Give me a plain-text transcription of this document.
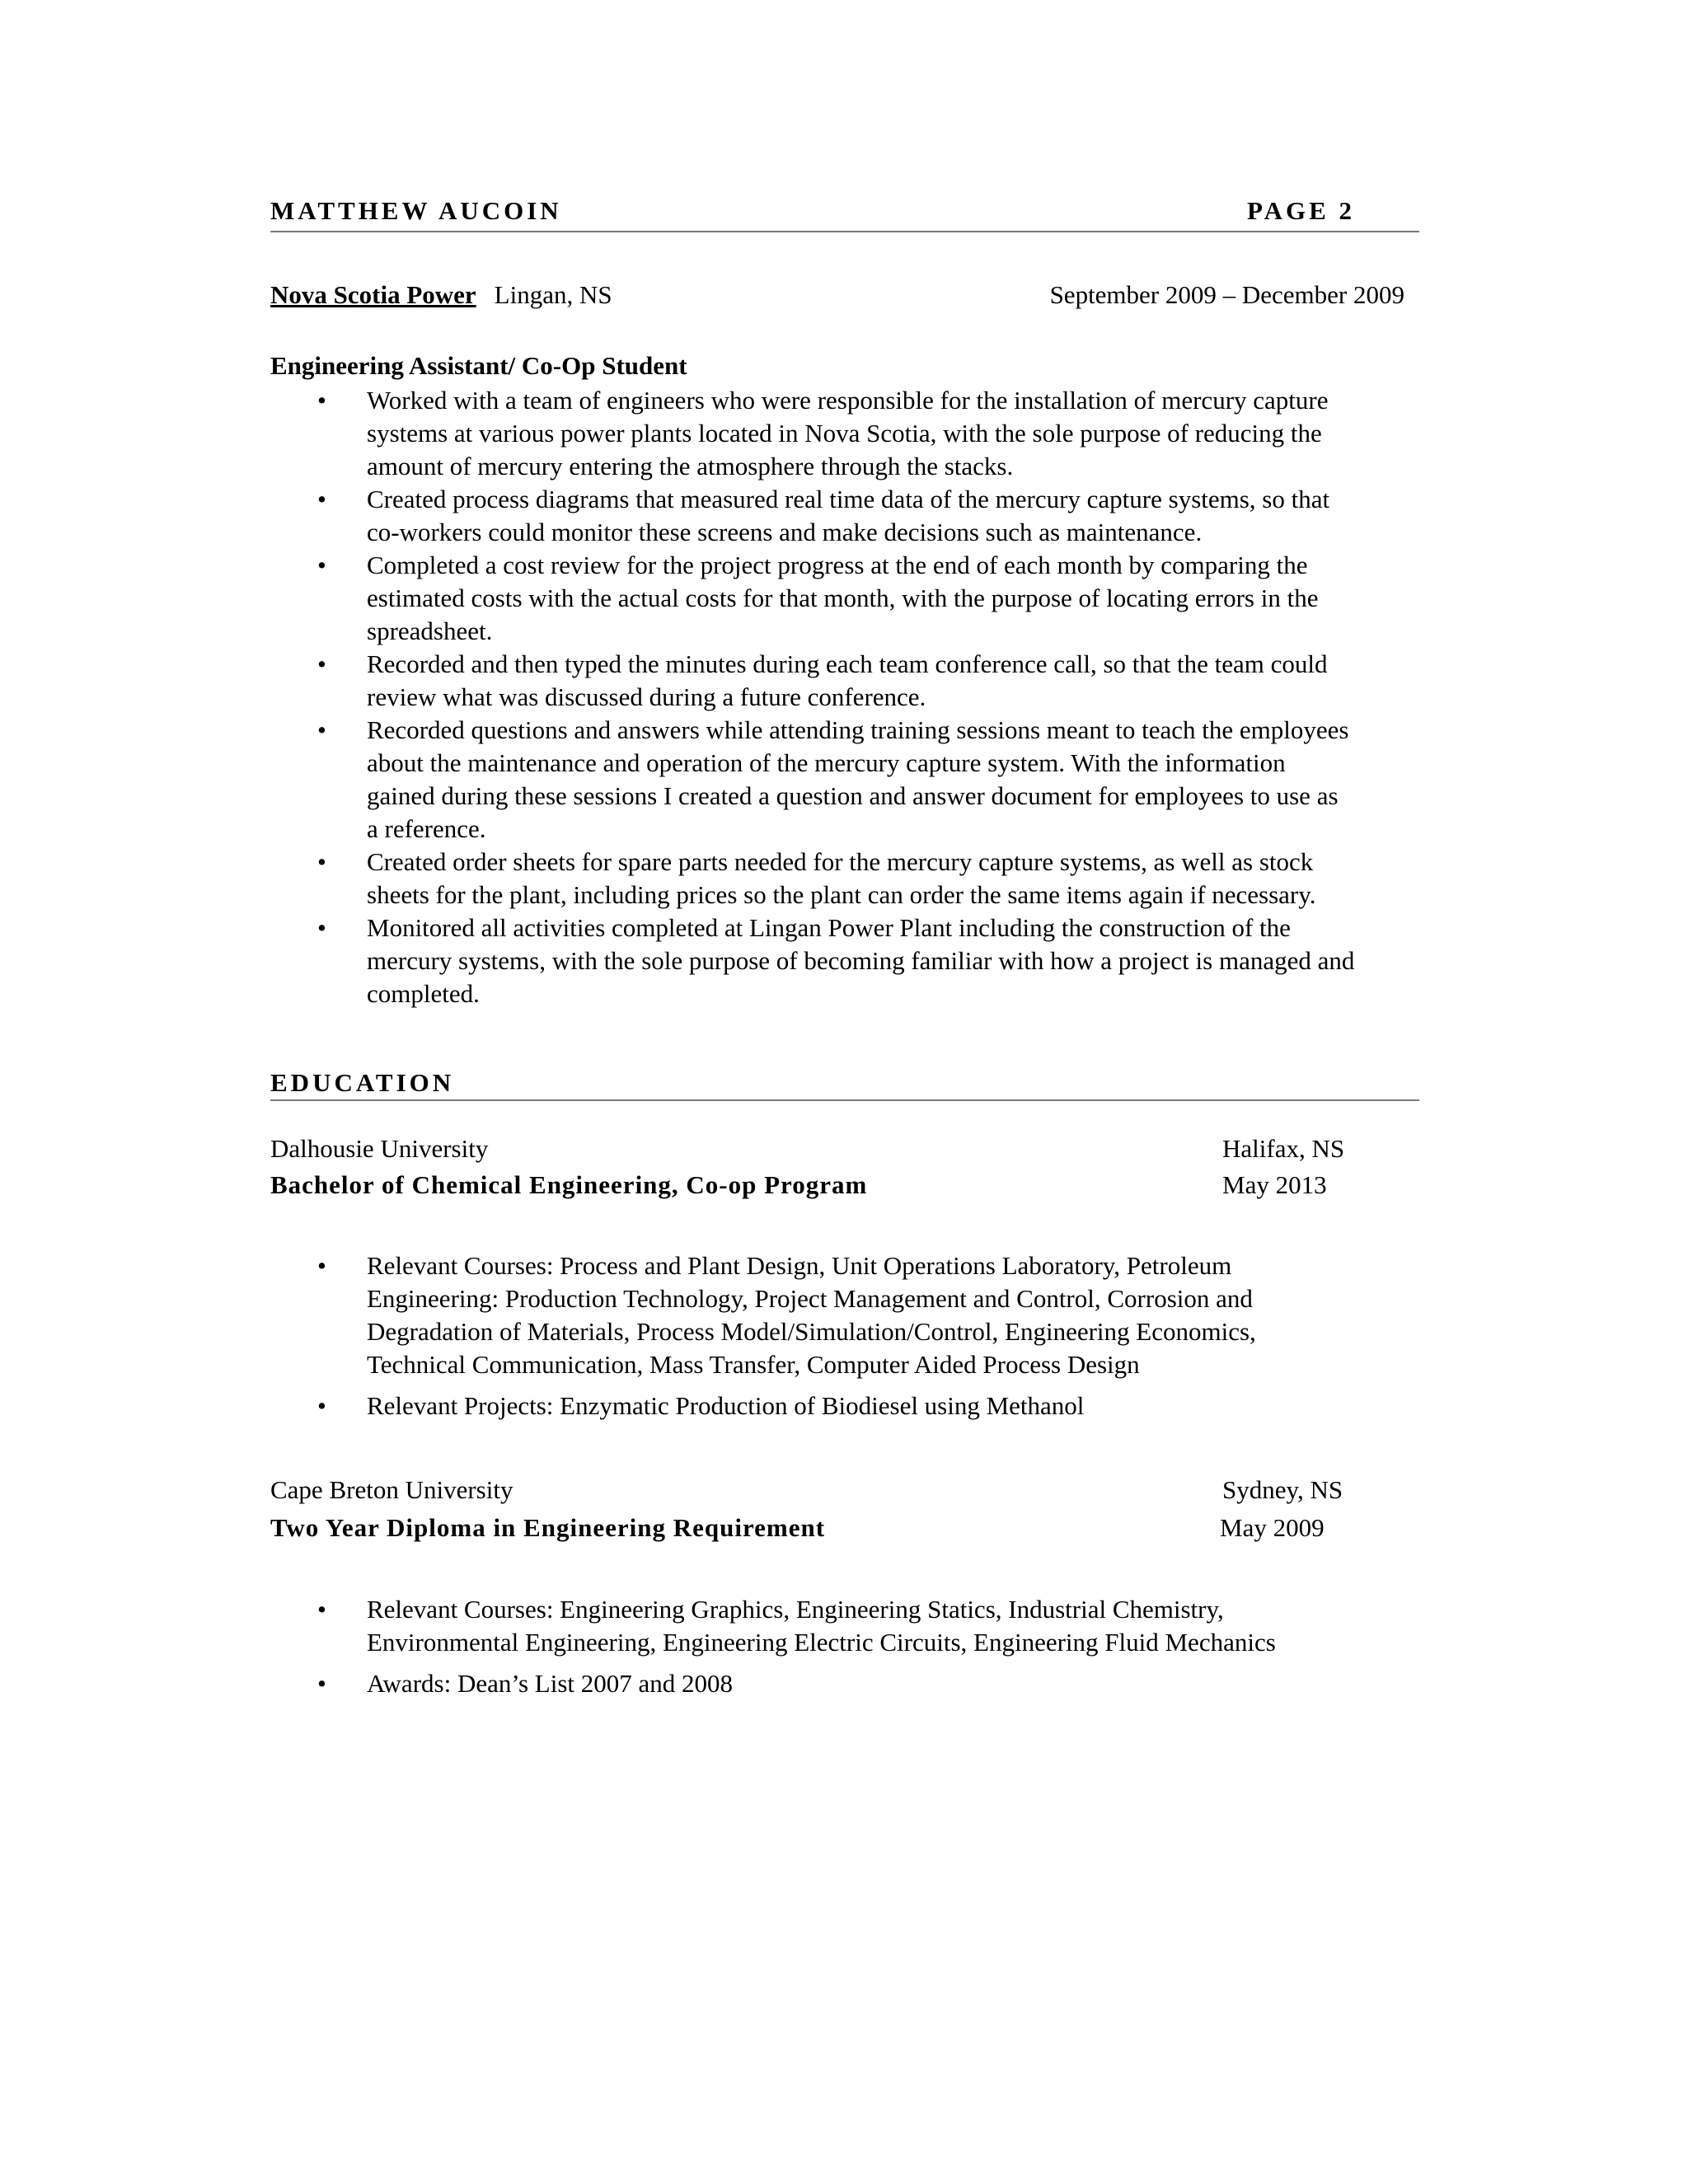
MATTHEW AUCOIN	PAGE 2
Nova Scotia Power Lingan, NS	September 2009 – December 2009
Engineering Assistant/ Co-Op Student
• Worked with a team of engineers who were responsible for the installation of mercury capture
systems at various power plants located in Nova Scotia, with the sole purpose of reducing the
amount of mercury entering the atmosphere through the stacks.
• Created process diagrams that measured real time data of the mercury capture systems, so that
co-workers could monitor these screens and make decisions such as maintenance.
• Completed a cost review for the project progress at the end of each month by comparing the
estimated costs with the actual costs for that month, with the purpose of locating errors in the
spreadsheet.
• Recorded and then typed the minutes during each team conference call, so that the team could
review what was discussed during a future conference.
• Recorded questions and answers while attending training sessions meant to teach the employees
about the maintenance and operation of the mercury capture system. With the information
gained during these sessions I created a question and answer document for employees to use as
a reference.
• Created order sheets for spare parts needed for the mercury capture systems, as well as stock
sheets for the plant, including prices so the plant can order the same items again if necessary.
• Monitored all activities completed at Lingan Power Plant including the construction of the
mercury systems, with the sole purpose of becoming familiar with how a project is managed and
completed.
EDUCATION
Dalhousie University	Halifax, NS
Bachelor of Chemical Engineering, Co-op Program	May 2013
• Relevant Courses: Process and Plant Design, Unit Operations Laboratory, Petroleum
Engineering: Production Technology, Project Management and Control, Corrosion and
Degradation of Materials, Process Model/Simulation/Control, Engineering Economics,
Technical Communication, Mass Transfer, Computer Aided Process Design
• Relevant Projects: Enzymatic Production of Biodiesel using Methanol
Cape Breton University	Sydney, NS
Two Year Diploma in Engineering Requirement	May 2009
• Relevant Courses: Engineering Graphics, Engineering Statics, Industrial Chemistry,
Environmental Engineering, Engineering Electric Circuits, Engineering Fluid Mechanics
• Awards: Dean’s List 2007 and 2008
